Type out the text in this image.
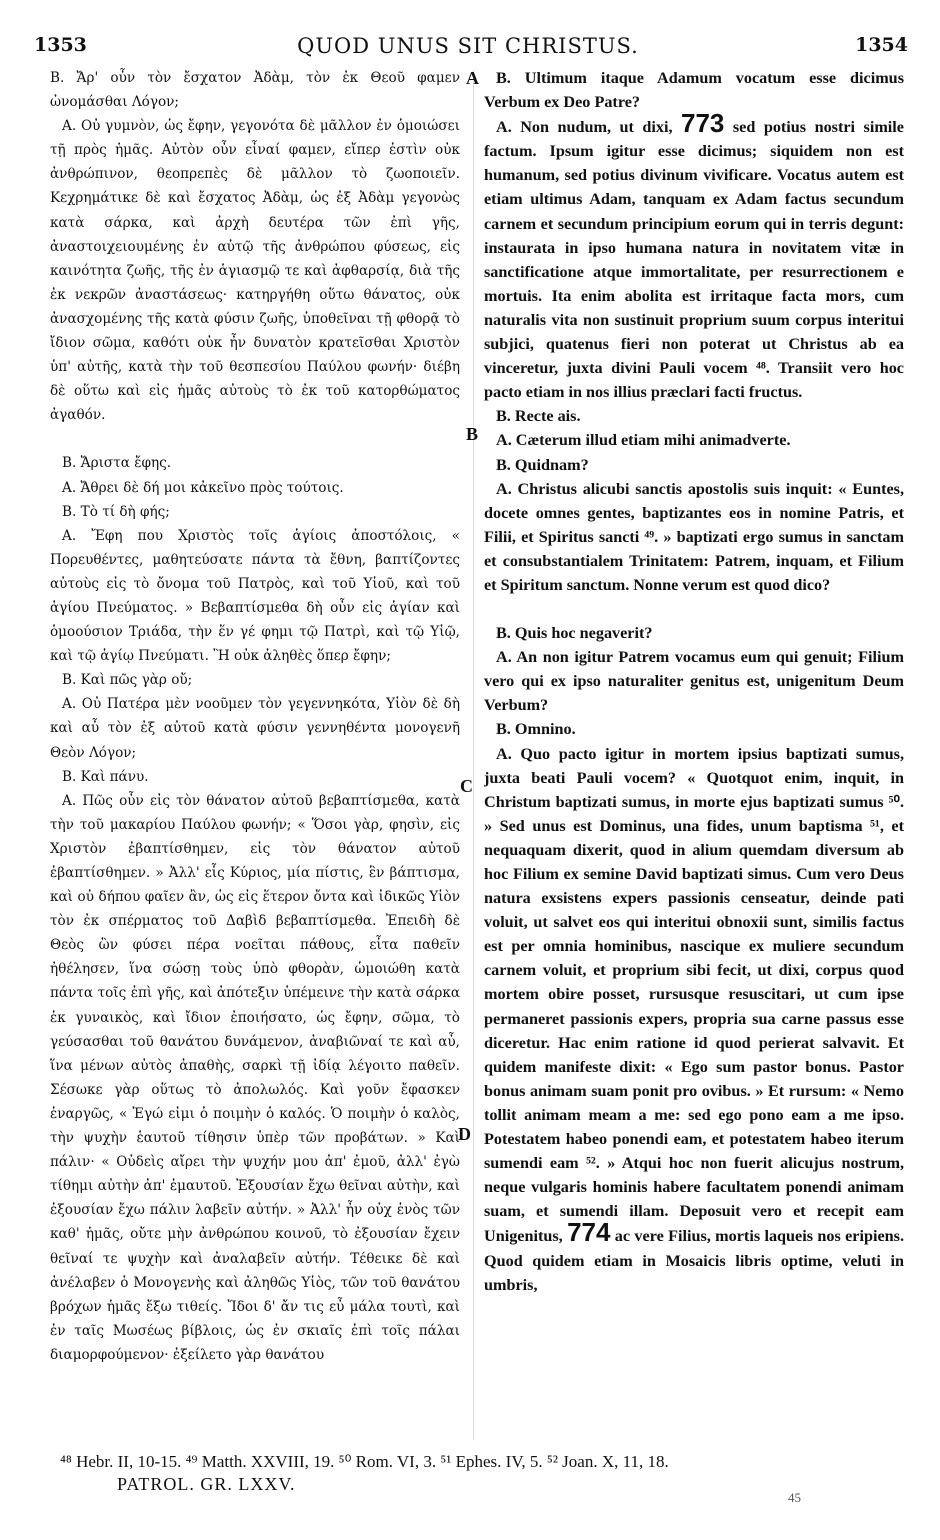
1353	QUOD UNUS SIT CHRISTUS.	1354
A
B
C
D

B. Ἄρ' οὖν τὸν ἔσχατον Ἀδὰμ, τὸν ἐκ Θεοῦ φαμεν ὠνομάσθαι Λόγον;

A. Οὐ γυμνὸν, ὡς ἔφην, γεγονότα δὲ μᾶλλον ἐν ὁμοιώσει τῇ πρὸς ἡμᾶς. Αὐτὸν οὖν εἶναί φαμεν, εἴπερ ἐστὶν οὐκ ἀνθρώπινον, θεοπρεπὲς δὲ μᾶλλον τὸ ζωοποιεῖν. Κεχρημάτικε δὲ καὶ ἔσχατος Ἀδὰμ, ὡς ἐξ Ἀδὰμ γεγονὼς κατὰ σάρκα, καὶ ἀρχὴ δευτέρα τῶν ἐπὶ γῆς, ἀναστοιχειουμένης ἐν αὐτῷ τῆς ἀνθρώπου φύσεως, εἰς καινότητα ζωῆς, τῆς ἐν ἁγιασμῷ τε καὶ ἀφθαρσίᾳ, διὰ τῆς ἐκ νεκρῶν ἀναστάσεως· κατηργήθη οὕτω θάνατος, οὐκ ἀνασχομένης τῆς κατὰ φύσιν ζωῆς, ὑποθεῖναι τῇ φθορᾷ τὸ ἴδιον σῶμα, καθότι οὐκ ἦν δυνατὸν κρατεῖσθαι Χριστὸν ὑπ' αὐτῆς, κατὰ τὴν τοῦ θεσπεσίου Παύλου φωνήν· διέβη δὲ οὕτω καὶ εἰς ἡμᾶς αὐτοὺς τὸ ἐκ τοῦ κατορθώματος ἀγαθόν.

B. Ἄριστα ἔφης.

A. Ἄθρει δὲ δή μοι κἀκεῖνο πρὸς τούτοις.

B. Τὸ τί δὴ φής;

A. Ἔφη που Χριστὸς τοῖς ἁγίοις ἀποστόλοις, « Πορευθέντες, μαθητεύσατε πάντα τὰ ἔθνη, βαπτίζοντες αὐτοὺς εἰς τὸ ὄνομα τοῦ Πατρὸς, καὶ τοῦ Υἱοῦ, καὶ τοῦ ἁγίου Πνεύματος. » Βεβαπτίσμεθα δὴ οὖν εἰς ἁγίαν καὶ ὁμοούσιον Τριάδα, τὴν ἕν γέ φημι τῷ Πατρὶ, καὶ τῷ Υἱῷ, καὶ τῷ ἁγίῳ Πνεύματι. Ἢ οὐκ ἀληθὲς ὅπερ ἔφην;

B. Καὶ πῶς γὰρ οὔ;

A. Οὐ Πατέρα μὲν νοοῦμεν τὸν γεγεννηκότα, Υἱὸν δὲ δὴ καὶ αὖ τὸν ἐξ αὐτοῦ κατὰ φύσιν γεννηθέντα μονογενῆ Θεὸν Λόγον;

B. Καὶ πάνυ.

A. Πῶς οὖν εἰς τὸν θάνατον αὐτοῦ βεβαπτίσμεθα, κατὰ τὴν τοῦ μακαρίου Παύλου φωνήν; « Ὅσοι γὰρ, φησὶν, εἰς Χριστὸν ἐβαπτίσθημεν, εἰς τὸν θάνατον αὐτοῦ ἐβαπτίσθημεν. » Ἀλλ' εἷς Κύριος, μία πίστις, ἓν βάπτισμα, καὶ οὐ δήπου φαῖεν ἂν, ὡς εἰς ἕτερον ὄντα καὶ ἰδικῶς Υἱὸν τὸν ἐκ σπέρματος τοῦ Δαβὶδ βεβαπτίσμεθα. Ἐπειδὴ δὲ Θεὸς ὢν φύσει πέρα νοεῖται πάθους, εἶτα παθεῖν ἠθέλησεν, ἵνα σώσῃ τοὺς ὑπὸ φθορὰν, ὡμοιώθη κατὰ πάντα τοῖς ἐπὶ γῆς, καὶ ἀπότεξιν ὑπέμεινε τὴν κατὰ σάρκα ἐκ γυναικὸς, καὶ ἴδιον ἐποιήσατο, ὡς ἔφην, σῶμα, τὸ γεύσασθαι τοῦ θανάτου δυνάμενον, ἀναβιῶναί τε καὶ αὖ, ἵνα μένων αὐτὸς ἀπαθὴς, σαρκὶ τῇ ἰδίᾳ λέγοιτο παθεῖν. Σέσωκε γὰρ οὕτως τὸ ἀπολωλός. Καὶ γοῦν ἔφασκεν ἐναργῶς, « Ἐγώ εἰμι ὁ ποιμὴν ὁ καλός. Ὁ ποιμὴν ὁ καλὸς, τὴν ψυχὴν ἑαυτοῦ τίθησιν ὑπὲρ τῶν προβάτων. » Καὶ πάλιν· « Οὐδεὶς αἴρει τὴν ψυχήν μου ἀπ' ἐμοῦ, ἀλλ' ἐγὼ τίθημι αὐτὴν ἀπ' ἐμαυτοῦ. Ἐξουσίαν ἔχω θεῖναι αὐτὴν, καὶ ἐξουσίαν ἔχω πάλιν λαβεῖν αὐτήν. » Ἀλλ' ἦν οὐχ ἑνὸς τῶν καθ' ἡμᾶς, οὔτε μὴν ἀνθρώπου κοινοῦ, τὸ ἐξουσίαν ἔχειν θεῖναί τε ψυχὴν καὶ ἀναλαβεῖν αὐτήν. Τέθεικε δὲ καὶ ἀνέλαβεν ὁ Μονογενὴς καὶ ἀληθῶς Υἱὸς, τῶν τοῦ θανάτου βρόχων ἡμᾶς ἔξω τιθείς. Ἴδοι δ' ἄν τις εὖ μάλα τουτὶ, καὶ ἐν ταῖς Μωσέως βίβλοις, ὡς ἐν σκιαῖς ἐπὶ τοῖς πάλαι διαμορφούμενον· ἐξείλετο γὰρ θανάτου

B. Ultimum itaque Adamum vocatum esse dicimus Verbum ex Deo Patre?

A. Non nudum, ut dixi, 773 sed potius nostri simile factum. Ipsum igitur esse dicimus; siquidem non est humanum, sed potius divinum vivificare. Vocatus autem est etiam ultimus Adam, tanquam ex Adam factus secundum carnem et secundum principium eorum qui in terris degunt: instaurata in ipso humana natura in novitatem vitæ in sanctificatione atque immortalitate, per resurrectionem e mortuis. Ita enim abolita est irritaque facta mors, cum naturalis vita non sustinuit proprium suum corpus interitui subjici, quatenus fieri non poterat ut Christus ab ea vinceretur, juxta divini Pauli vocem ⁴⁸. Transiit vero hoc pacto etiam in nos illius præclari facti fructus.

B. Recte ais.

A. Cæterum illud etiam mihi animadverte.

B. Quidnam?

A. Christus alicubi sanctis apostolis suis inquit: « Euntes, docete omnes gentes, baptizantes eos in nomine Patris, et Filii, et Spiritus sancti ⁴⁹. » baptizati ergo sumus in sanctam et consubstantialem Trinitatem: Patrem, inquam, et Filium et Spiritum sanctum. Nonne verum est quod dico?

B. Quis hoc negaverit?

A. An non igitur Patrem vocamus eum qui genuit; Filium vero qui ex ipso naturaliter genitus est, unigenitum Deum Verbum?

B. Omnino.

A. Quo pacto igitur in mortem ipsius baptizati sumus, juxta beati Pauli vocem? « Quotquot enim, inquit, in Christum baptizati sumus, in morte ejus baptizati sumus ⁵⁰. » Sed unus est Dominus, una fides, unum baptisma ⁵¹, et nequaquam dixerit, quod in alium quemdam diversum ab hoc Filium ex semine David baptizati simus. Cum vero Deus natura exsistens expers passionis censeatur, deinde pati voluit, ut salvet eos qui interitui obnoxii sunt, similis factus est per omnia hominibus, nascique ex muliere secundum carnem voluit, et proprium sibi fecit, ut dixi, corpus quod mortem obire posset, rursusque resuscitari, ut cum ipse permaneret passionis expers, propria sua carne passus esse diceretur. Hac enim ratione id quod perierat salvavit. Et quidem manifeste dixit: « Ego sum pastor bonus. Pastor bonus animam suam ponit pro ovibus. » Et rursum: « Nemo tollit animam meam a me: sed ego pono eam a me ipso. Potestatem habeo ponendi eam, et potestatem habeo iterum sumendi eam ⁵². » Atqui hoc non fuerit alicujus nostrum, neque vulgaris hominis habere facultatem ponendi animam suam, et sumendi illam. Deposuit vero et recepit eam Unigenitus, 774 ac vere Filius, mortis laqueis nos eripiens. Quod quidem etiam in Mosaicis libris optime, veluti in umbris,

⁴⁸ Hebr. II, 10-15. ⁴⁹ Matth. XXVIII, 19. ⁵⁰ Rom. VI, 3. ⁵¹ Ephes. IV, 5. ⁵² Joan. X, 11, 18.
PATROL. GR. LXXV.
45
